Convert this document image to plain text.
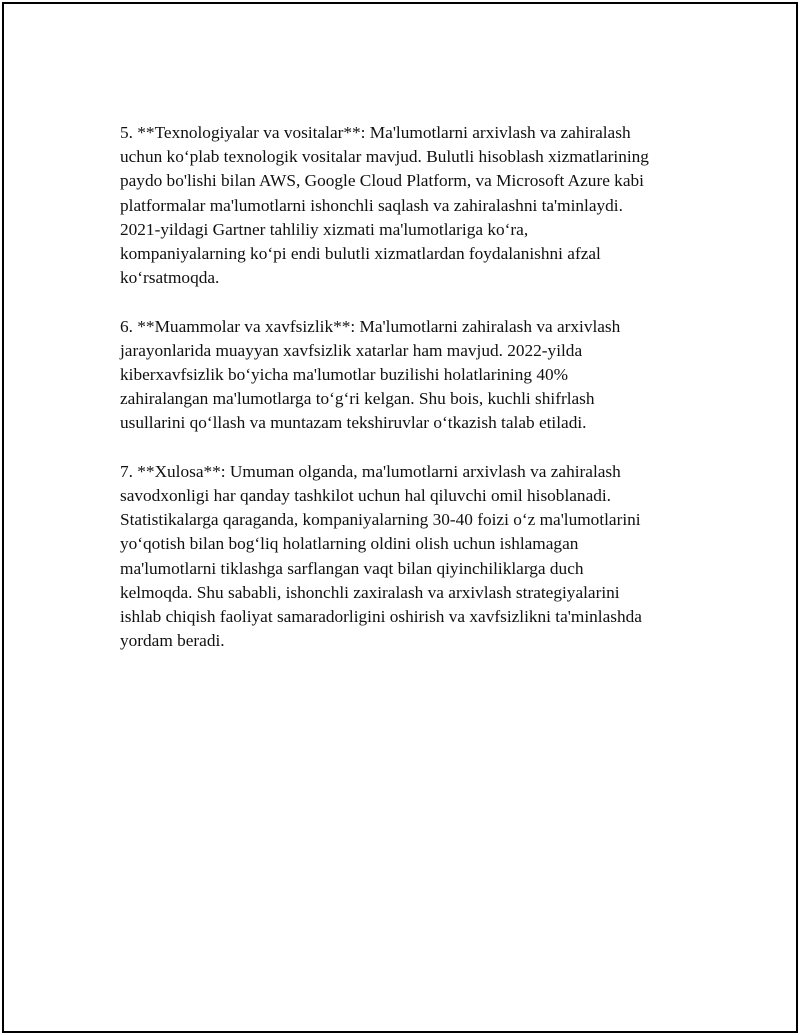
5. **Texnologiyalar va vositalar**: Ma'lumotlarni arxivlash va zahiralash
uchun ko‘plab texnologik vositalar mavjud. Bulutli hisoblash xizmatlarining
paydo bo'lishi bilan AWS, Google Cloud Platform, va Microsoft Azure kabi
platformalar ma'lumotlarni ishonchli saqlash va zahiralashni ta'minlaydi.
2021-yildagi Gartner tahliliy xizmati ma'lumotlariga ko‘ra,
kompaniyalarning ko‘pi endi bulutli xizmatlardan foydalanishni afzal
ko‘rsatmoqda.

6. **Muammolar va xavfsizlik**: Ma'lumotlarni zahiralash va arxivlash
jarayonlarida muayyan xavfsizlik xatarlar ham mavjud. 2022-yilda
kiberxavfsizlik bo‘yicha ma'lumotlar buzilishi holatlarining 40%
zahiralangan ma'lumotlarga to‘g‘ri kelgan. Shu bois, kuchli shifrlash
usullarini qo‘llash va muntazam tekshiruvlar o‘tkazish talab etiladi.

7. **Xulosa**: Umuman olganda, ma'lumotlarni arxivlash va zahiralash
savodxonligi har qanday tashkilot uchun hal qiluvchi omil hisoblanadi.
Statistikalarga qaraganda, kompaniyalarning 30-40 foizi o‘z ma'lumotlarini
yo‘qotish bilan bog‘liq holatlarning oldini olish uchun ishlamagan
ma'lumotlarni tiklashga sarflangan vaqt bilan qiyinchiliklarga duch
kelmoqda. Shu sababli, ishonchli zaxiralash va arxivlash strategiyalarini
ishlab chiqish faoliyat samaradorligini oshirish va xavfsizlikni ta'minlashda
yordam beradi.
